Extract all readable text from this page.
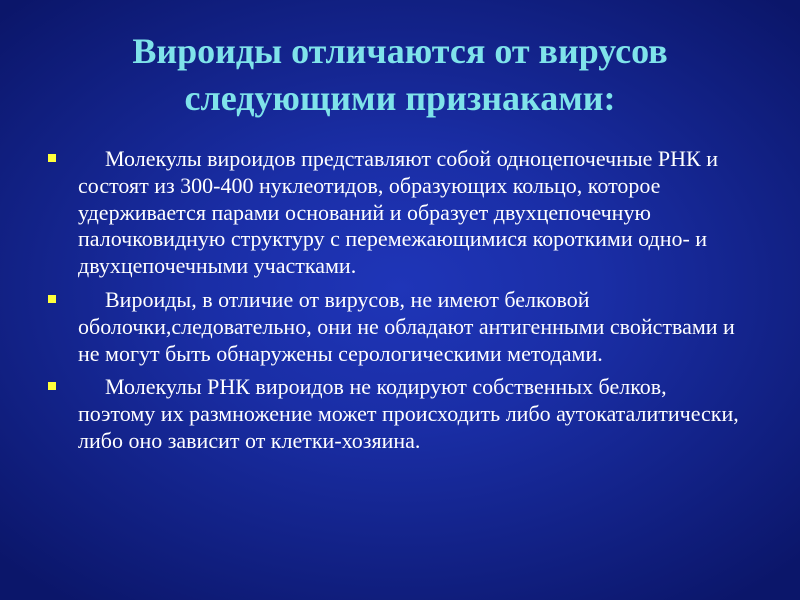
Вироиды отличаются от вирусов
следующими признаками:
Молекулы вироидов представляют собой одноцепочечные РНК и состоят из 300-400 нуклеотидов, образующих кольцо, которое удерживается парами оснований и образует двухцепочечную палочковидную структуру с перемежающимися короткими одно- и двухцепочечными участками.
Вироиды, в отличие от вирусов, не имеют белковой оболочки,следовательно, они не обладают антигенными свойствами и не могут быть обнаружены серологическими методами.
Молекулы РНК вироидов не кодируют собственных белков, поэтому их размножение может происходить либо аутокаталитически, либо оно зависит от клетки-хозяина.
